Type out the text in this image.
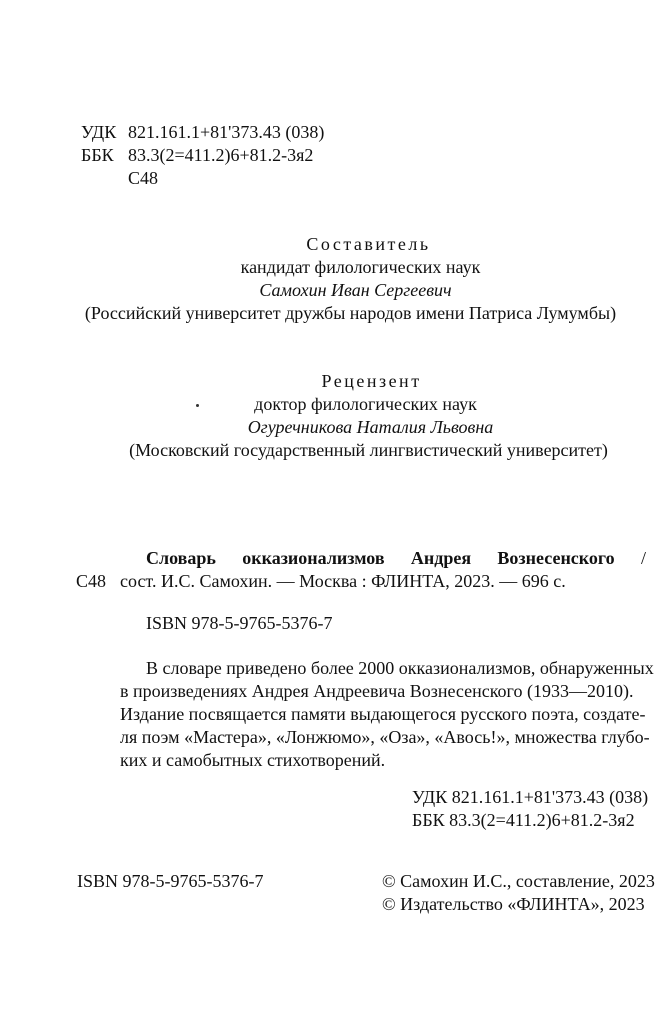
УДК 821.161.1+81'373.43 (038)
ББК 83.3(2=411.2)6+81.2-3я2
С48
Составитель
кандидат филологических наук
Самохин Иван Сергеевич
(Российский университет дружбы народов имени Патриса Лумумбы)
Рецензент
доктор филологических наук
Огуречникова Наталия Львовна
(Московский государственный лингвистический университет)
Словарь окказионализмов Андрея Вознесенского /
С48 сост. И.С. Самохин. — Москва : ФЛИНТА, 2023. — 696 с.
ISBN 978-5-9765-5376-7
В словаре приведено более 2000 окказионализмов, обнаруженных
в произведениях Андрея Андреевича Вознесенского (1933—2010).
Издание посвящается памяти выдающегося русского поэта, создате-
ля поэм «Мастера», «Лонжюмо», «Оза», «Авось!», множества глубо-
ких и самобытных стихотворений.
УДК 821.161.1+81'373.43 (038)
ББК 83.3(2=411.2)6+81.2-3я2
ISBN 978-5-9765-5376-7	© Самохин И.С., составление, 2023
© Издательство «ФЛИНТА», 2023
